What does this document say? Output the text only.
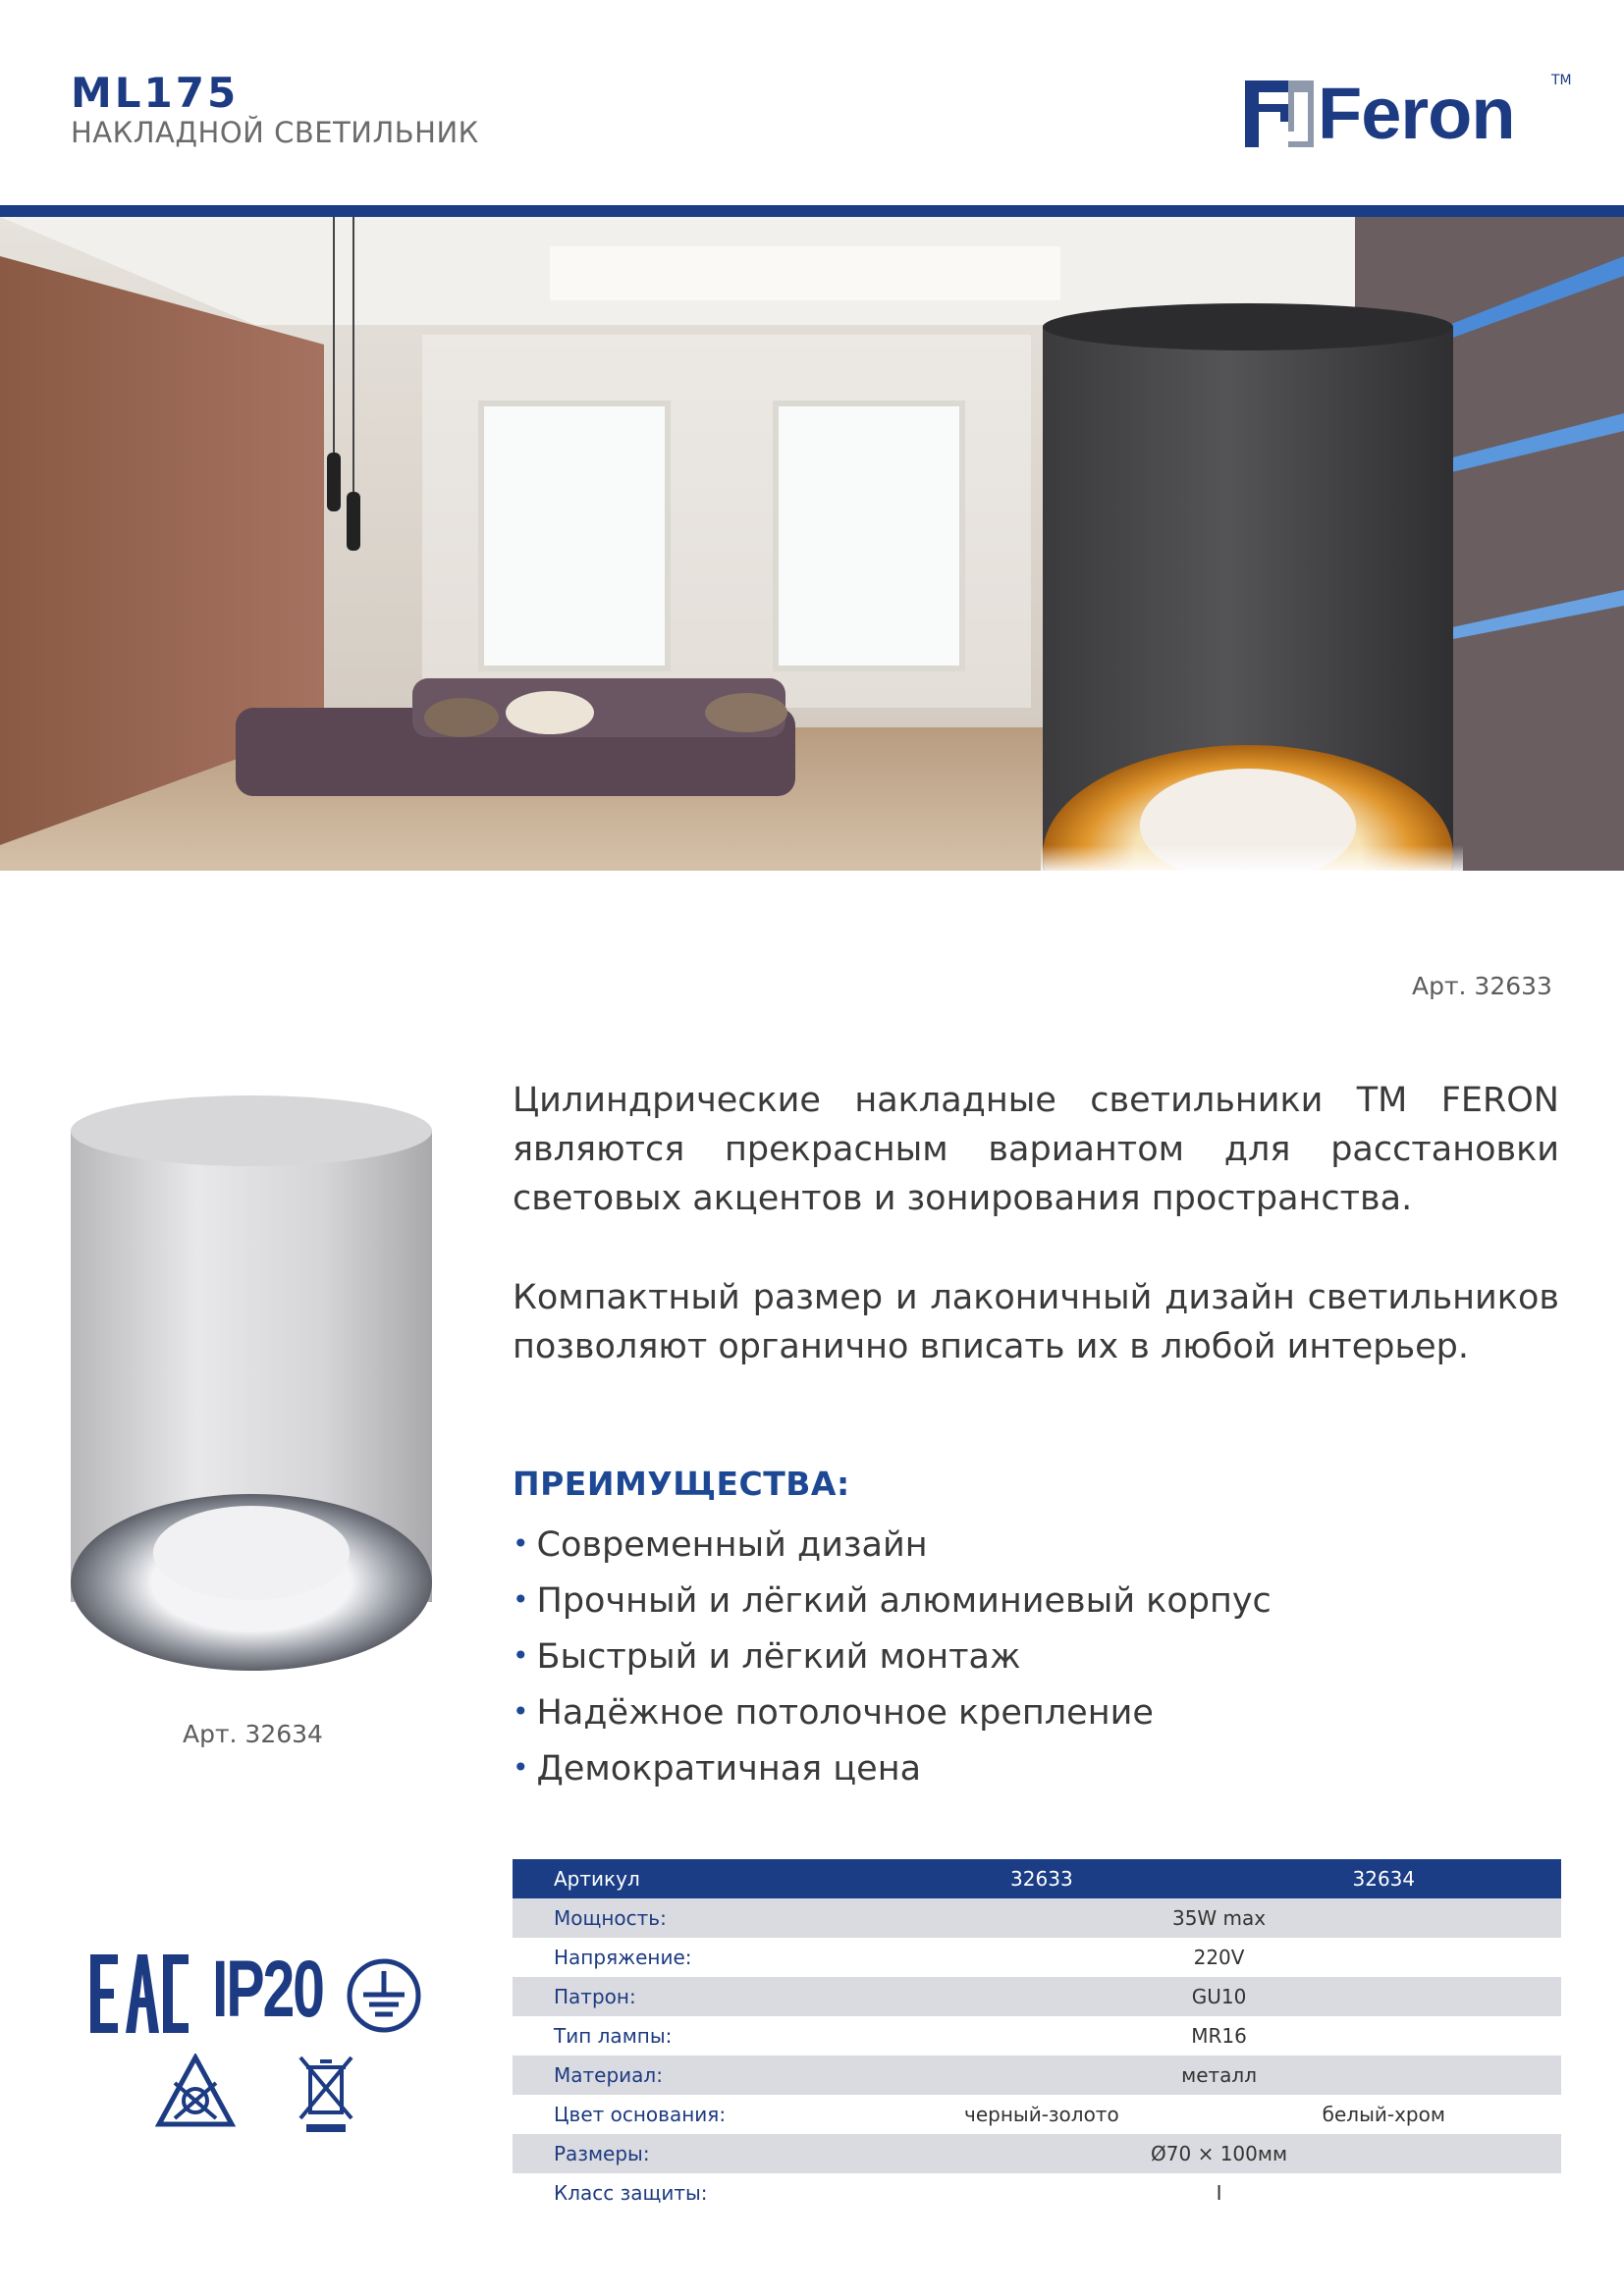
ML175
НАКЛАДНОЙ СВЕТИЛЬНИК	Feron	TM
Арт. 32633
Арт. 32634
Цилиндрические накладные светильники ТМ FERON являются прекрасным вариантом для расстановки световых акцентов и зонирования пространства.
Компактный размер и лаконичный дизайн светильников позволяют органично вписать их в любой интерьер.
ПРЕИМУЩЕСТВА:
• Современный дизайн
• Прочный и лёгкий алюминиевый корпус
• Быстрый и лёгкий монтаж
• Надёжное потолочное крепление
• Демократичная цена
Артикул	32633	32634
Мощность:	35W max	
Напряжение:	220V	
Патрон:	GU10	
Тип лампы:	MR16	
Материал:	металл	
Цвет основания:	черный-золото	белый-хром
Размеры:	Ø70 × 100мм	
Класс защиты:	I	
IP20
